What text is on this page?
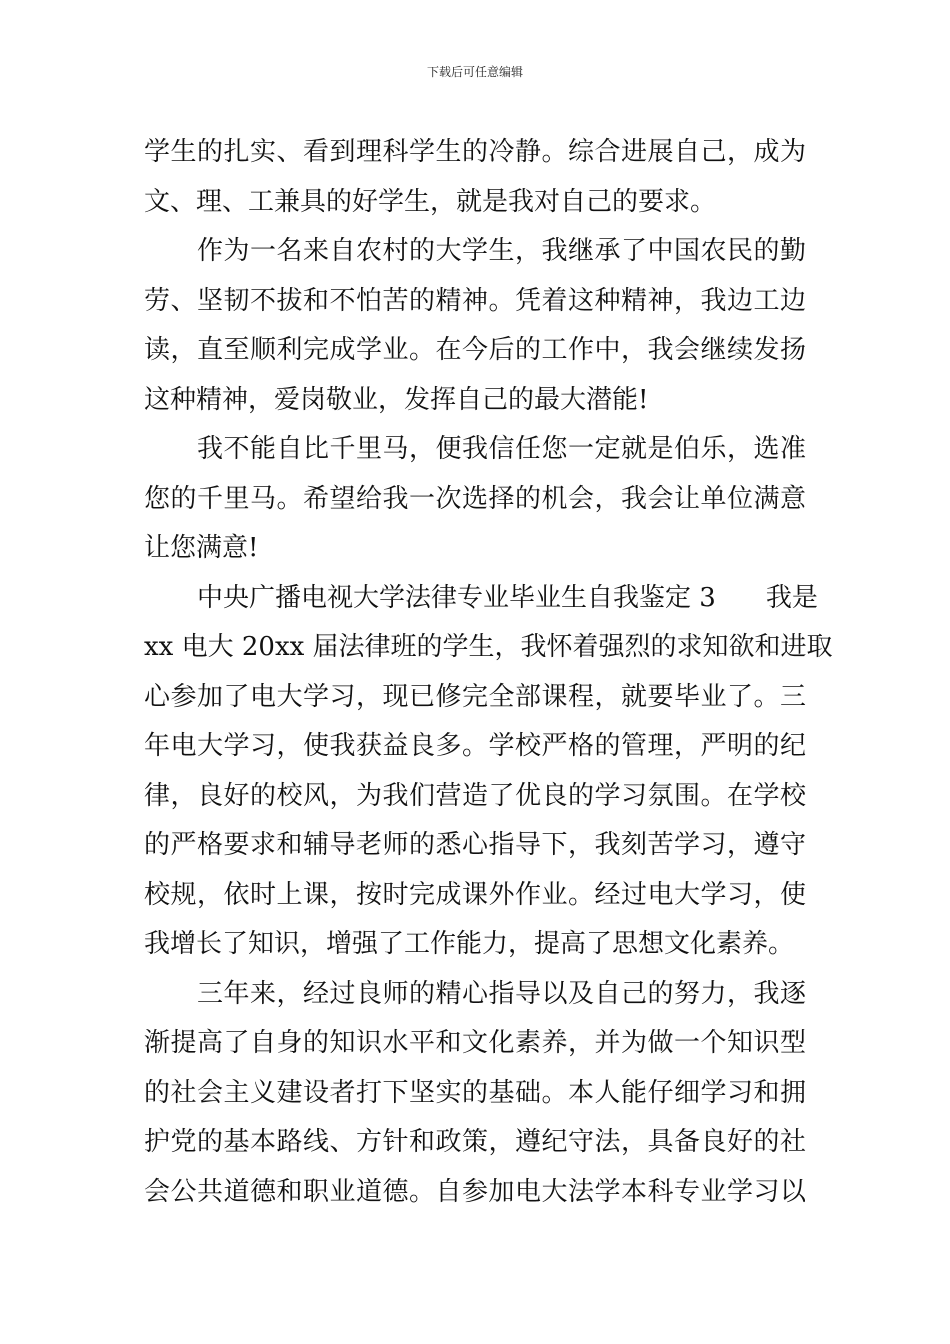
下载后可任意编辑
学生的扎实、看到理科学生的冷静。综合进展自己，成为
文、理、工兼具的好学生，就是我对自己的要求。
作为一名来自农村的大学生，我继承了中国农民的勤
劳、坚韧不拔和不怕苦的精神。凭着这种精神，我边工边
读，直至顺利完成学业。在今后的工作中，我会继续发扬
这种精神，爱岗敬业，发挥自己的最大潜能!
我不能自比千里马，便我信任您一定就是伯乐，选准
您的千里马。希望给我一次选择的机会，我会让单位满意
让您满意!
中央广播电视大学法律专业毕业生自我鉴定 3 我是
xx 电大 20xx 届法律班的学生，我怀着强烈的求知欲和进取
心参加了电大学习，现已修完全部课程，就要毕业了。三
年电大学习，使我获益良多。学校严格的管理，严明的纪
律，良好的校风，为我们营造了优良的学习氛围。在学校
的严格要求和辅导老师的悉心指导下，我刻苦学习，遵守
校规，依时上课，按时完成课外作业。经过电大学习，使
我增长了知识，增强了工作能力，提高了思想文化素养。
三年来，经过良师的精心指导以及自己的努力，我逐
渐提高了自身的知识水平和文化素养，并为做一个知识型
的社会主义建设者打下坚实的基础。本人能仔细学习和拥
护党的基本路线、方针和政策，遵纪守法，具备良好的社
会公共道德和职业道德。自参加电大法学本科专业学习以
